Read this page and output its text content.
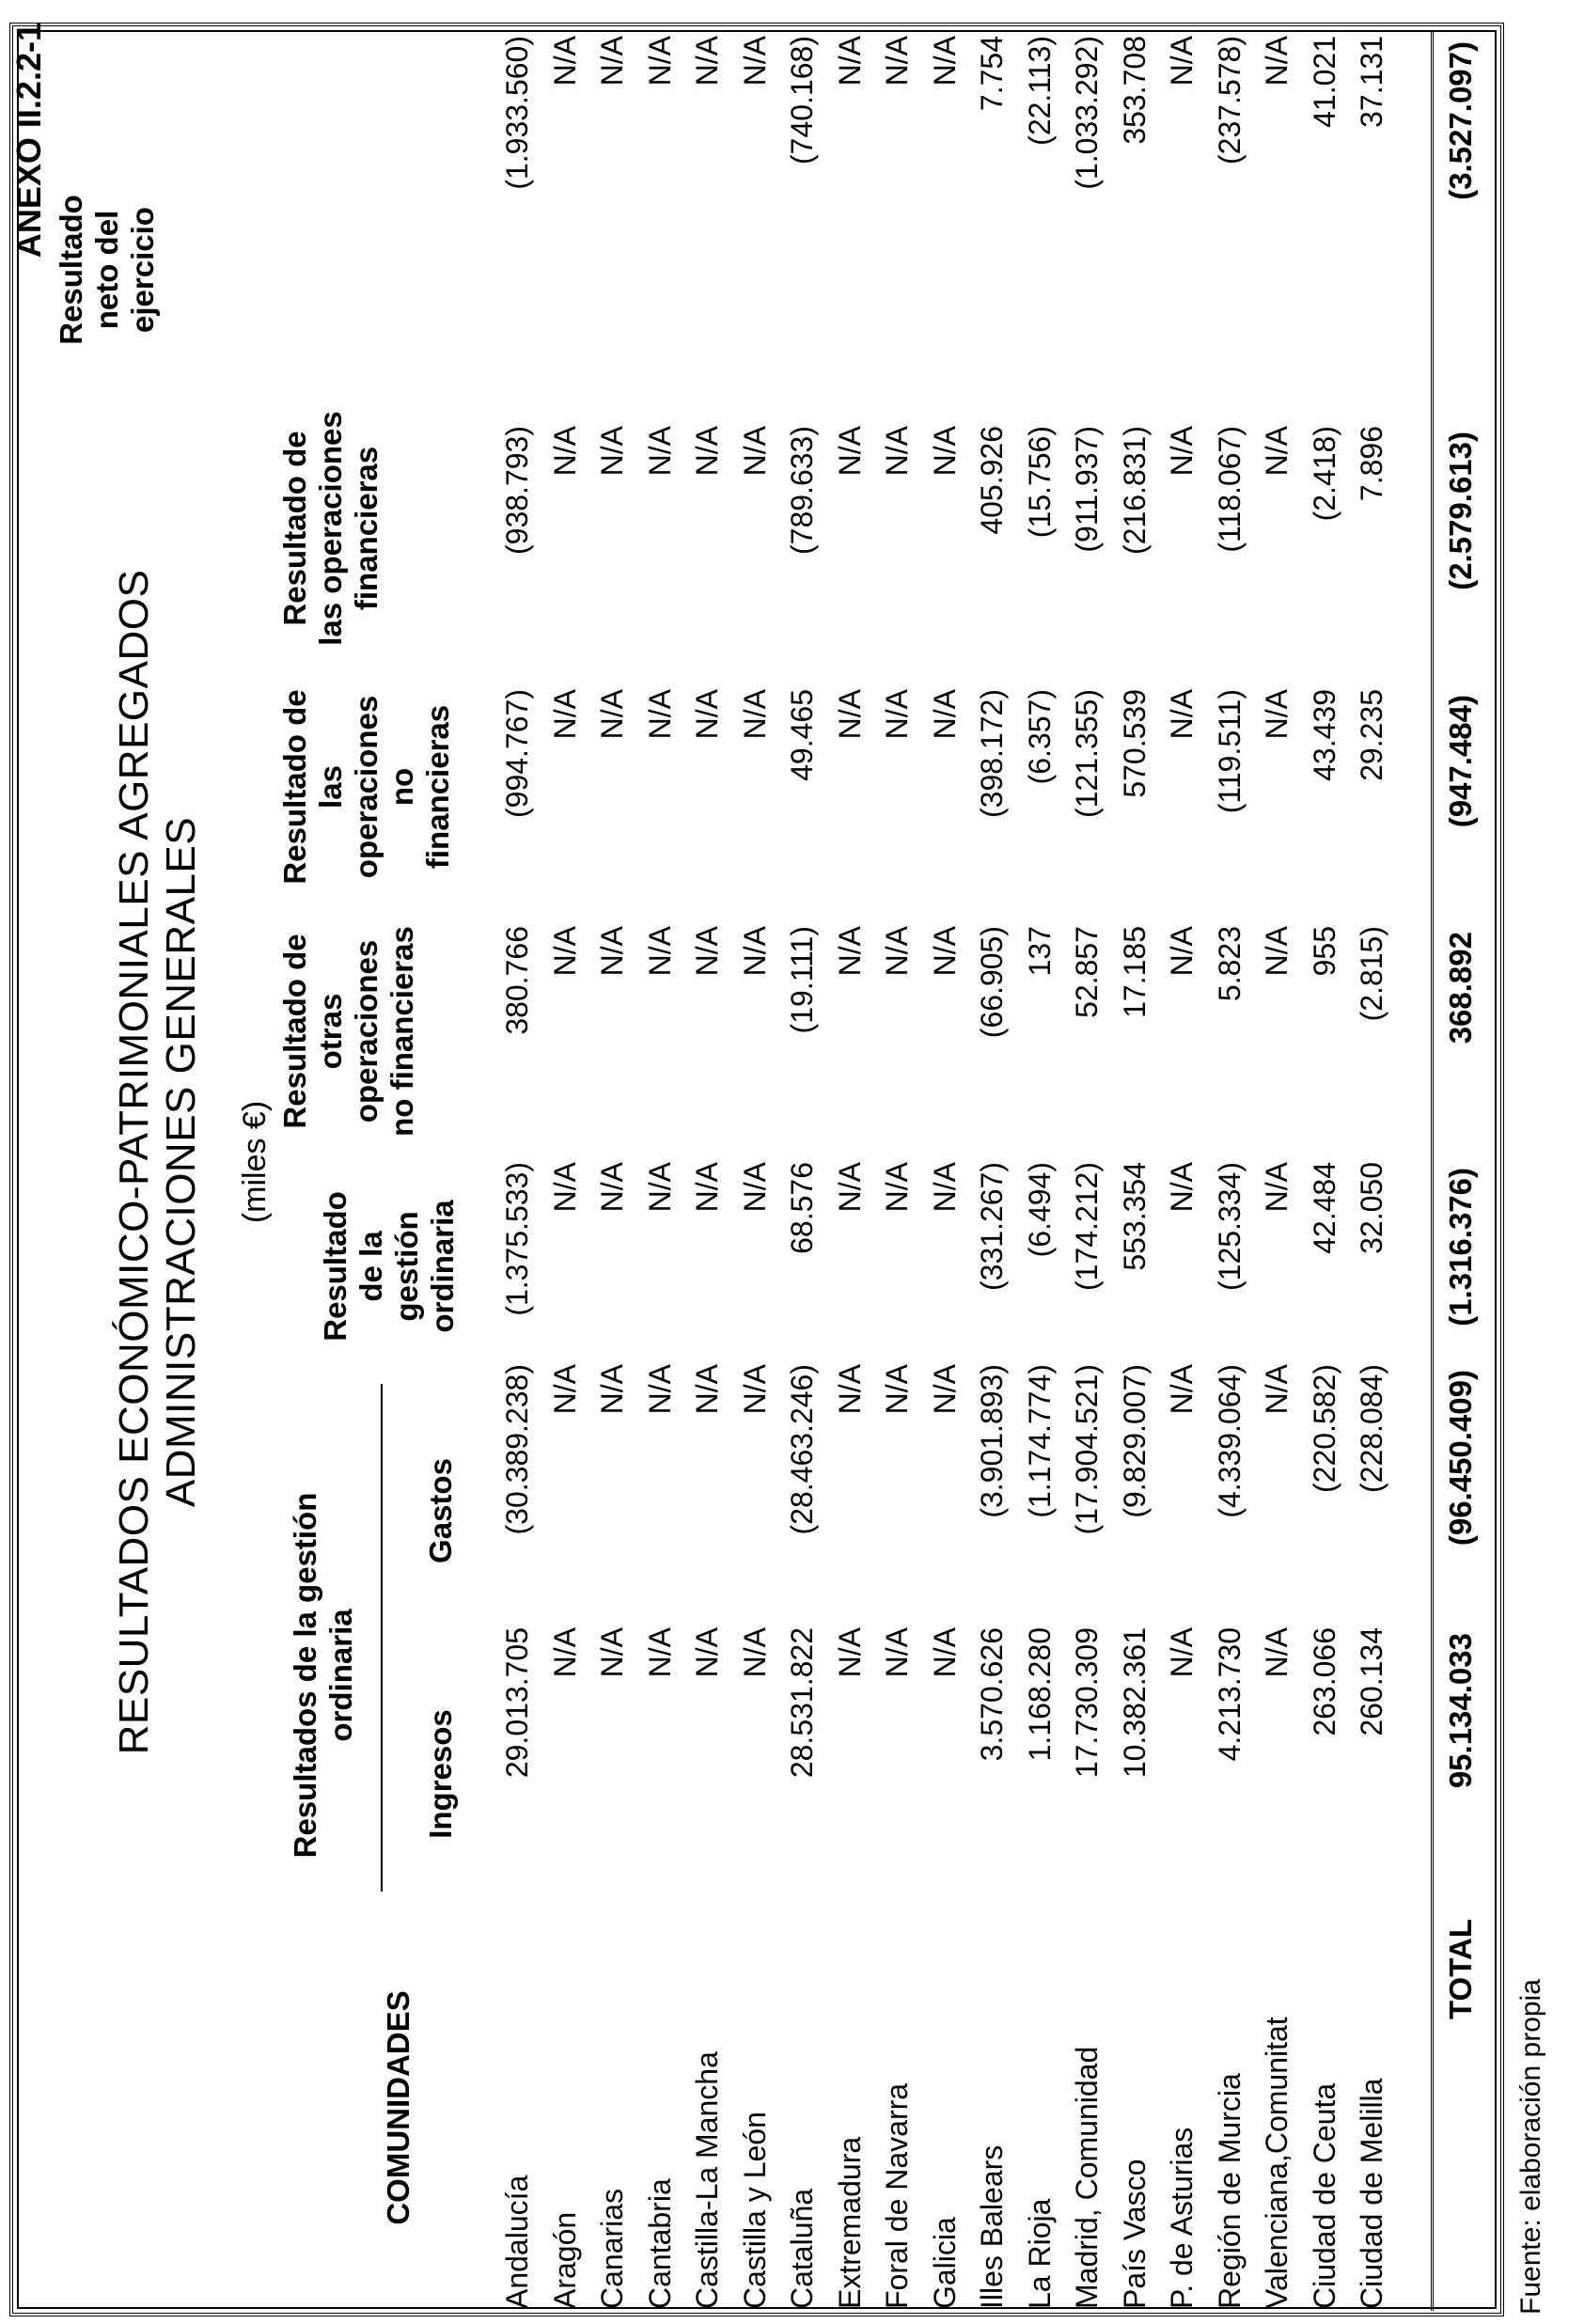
ANEXO II.2.2-1
RESULTADOS ECONÓMICO-PATRIMONIALES AGREGADOS ADMINISTRACIONES GENERALES (miles €)
COMUNIDADES
Resultados de la gestión ordinaria
Ingresos
Gastos
Resultado de la gestión ordinaria
Resultado de otras operaciones no financieras
Resultado de las operaciones no financieras
Resultado de las operaciones financieras
Resultado neto del ejercicio
Andalucía
29.013.705
(30.389.238)
(1.375.533)
380.766
(994.767)
(938.793)
(1.933.560)
Aragón
N/A
N/A
N/A
N/A
N/A
N/A
N/A
Canarias
N/A
N/A
N/A
N/A
N/A
N/A
N/A
Cantabria
N/A
N/A
N/A
N/A
N/A
N/A
N/A
Castilla-La Mancha
N/A
N/A
N/A
N/A
N/A
N/A
N/A
Castilla y León
N/A
N/A
N/A
N/A
N/A
N/A
N/A
Cataluña
28.531.822
(28.463.246)
68.576
(19.111)
49.465
(789.633)
(740.168)
Extremadura
N/A
N/A
N/A
N/A
N/A
N/A
N/A
Foral de Navarra
N/A
N/A
N/A
N/A
N/A
N/A
N/A
Galicia
N/A
N/A
N/A
N/A
N/A
N/A
N/A
Illes Balears
3.570.626
(3.901.893)
(331.267)
(66.905)
(398.172)
405.926
7.754
La Rioja
1.168.280
(1.174.774)
(6.494)
137
(6.357)
(15.756)
(22.113)
Madrid, Comunidad
17.730.309
(17.904.521)
(174.212)
52.857
(121.355)
(911.937)
(1.033.292)
País Vasco
10.382.361
(9.829.007)
553.354
17.185
570.539
(216.831)
353.708
P. de Asturias
N/A
N/A
N/A
N/A
N/A
N/A
N/A
Región de Murcia
4.213.730
(4.339.064)
(125.334)
5.823
(119.511)
(118.067)
(237.578)
Valenciana,Comunitat
N/A
N/A
N/A
N/A
N/A
N/A
N/A
Ciudad de Ceuta
263.066
(220.582)
42.484
955
43.439
(2.418)
41.021
Ciudad de Melilla
260.134
(228.084)
32.050
(2.815)
29.235
7.896
37.131
TOTAL
95.134.033
(96.450.409)
(1.316.376)
368.892
(947.484)
(2.579.613)
(3.527.097)
Fuente: elaboración propia
